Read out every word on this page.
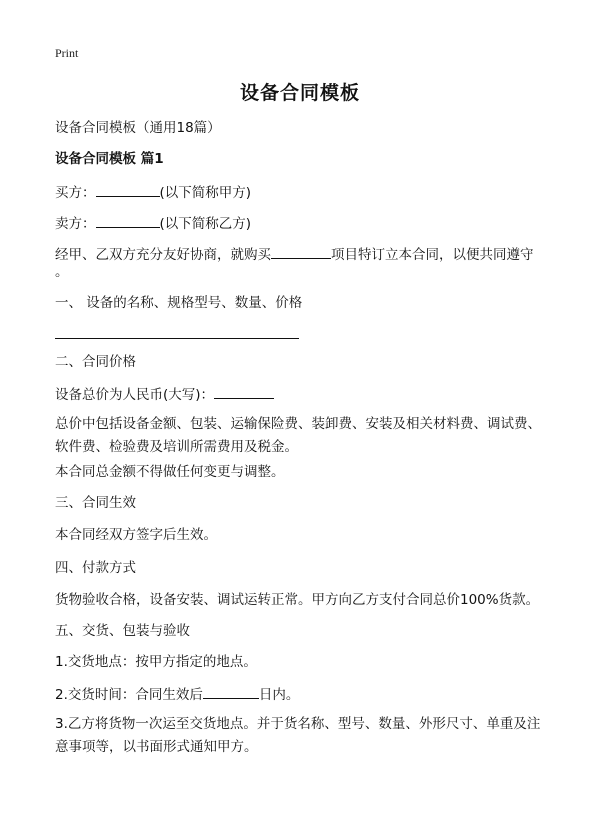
Print
设备合同模板
设备合同模板（通用18篇）
设备合同模板 篇1
买方：	(以下简称甲方)
卖方：	(以下简称乙方)
经甲、乙双方充分友好协商，就购买	项目特订立本合同，以便共同遵守
。
一、 设备的名称、规格型号、数量、价格
二、合同价格
设备总价为人民币(大写)：
总价中包括设备金额、包装、运输保险费、装卸费、安装及相关材料费、调试费、软件费、检验费及培训所需费用及税金。
本合同总金额不得做任何变更与调整。
三、合同生效
本合同经双方签字后生效。
四、付款方式
货物验收合格，设备安装、调试运转正常。甲方向乙方支付合同总价100%货款。
五、交货、包装与验收
1.交货地点：按甲方指定的地点。
2.交货时间：合同生效后	日内。
3.乙方将货物一次运至交货地点。并于货名称、型号、数量、外形尺寸、单重及注意事项等，以书面形式通知甲方。
